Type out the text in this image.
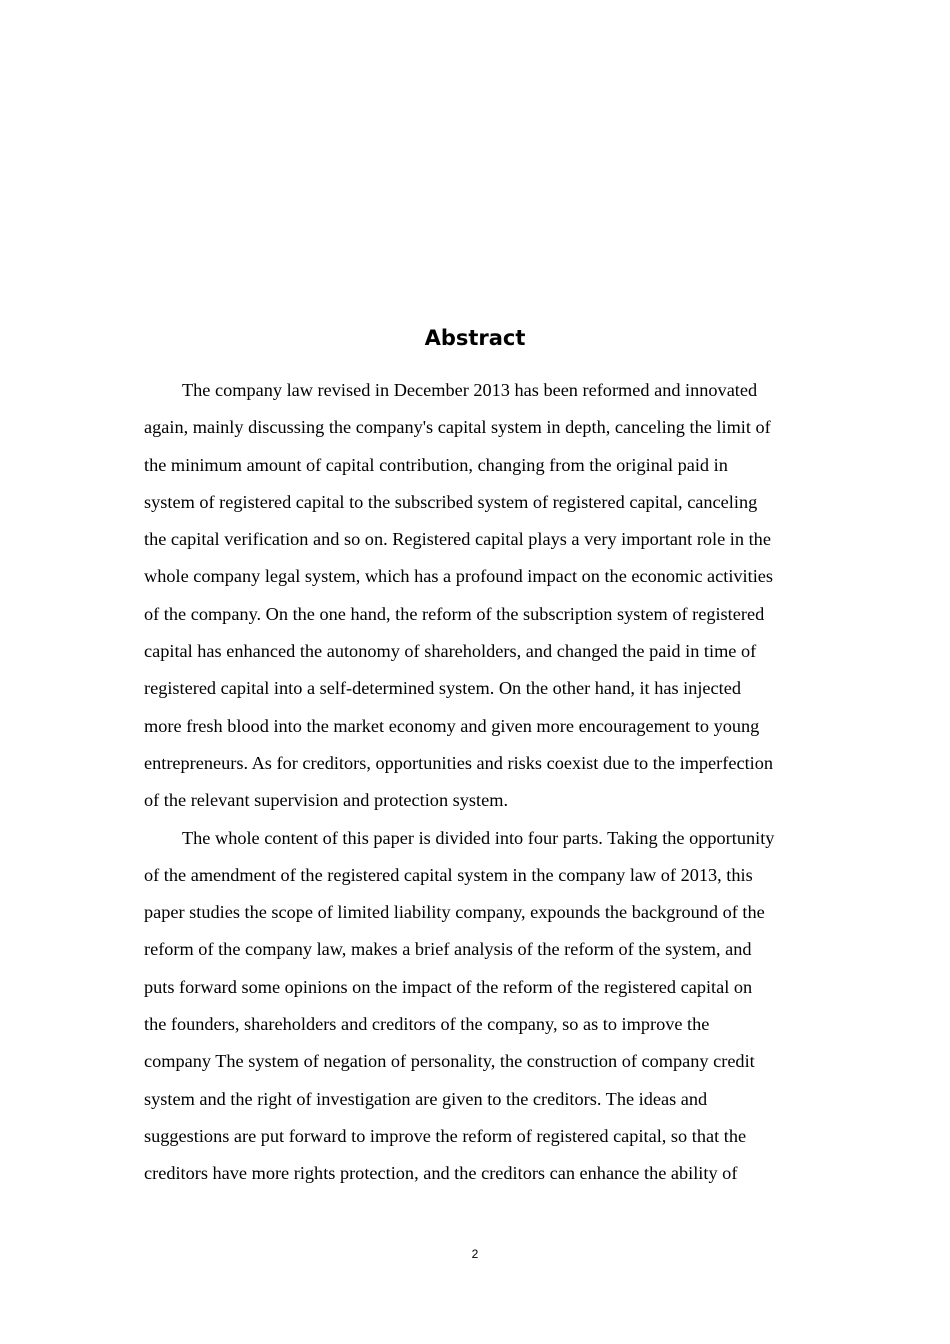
Abstract
The company law revised in December 2013 has been reformed and innovated
again, mainly discussing the company's capital system in depth, canceling the limit of
the minimum amount of capital contribution, changing from the original paid in
system of registered capital to the subscribed system of registered capital, canceling
the capital verification and so on. Registered capital plays a very important role in the
whole company legal system, which has a profound impact on the economic activities
of the company. On the one hand, the reform of the subscription system of registered
capital has enhanced the autonomy of shareholders, and changed the paid in time of
registered capital into a self-determined system. On the other hand, it has injected
more fresh blood into the market economy and given more encouragement to young
entrepreneurs. As for creditors, opportunities and risks coexist due to the imperfection
of the relevant supervision and protection system.
The whole content of this paper is divided into four parts. Taking the opportunity
of the amendment of the registered capital system in the company law of 2013, this
paper studies the scope of limited liability company, expounds the background of the
reform of the company law, makes a brief analysis of the reform of the system, and
puts forward some opinions on the impact of the reform of the registered capital on
the founders, shareholders and creditors of the company, so as to improve the
company The system of negation of personality, the construction of company credit
system and the right of investigation are given to the creditors. The ideas and
suggestions are put forward to improve the reform of registered capital, so that the
creditors have more rights protection, and the creditors can enhance the ability of
2
